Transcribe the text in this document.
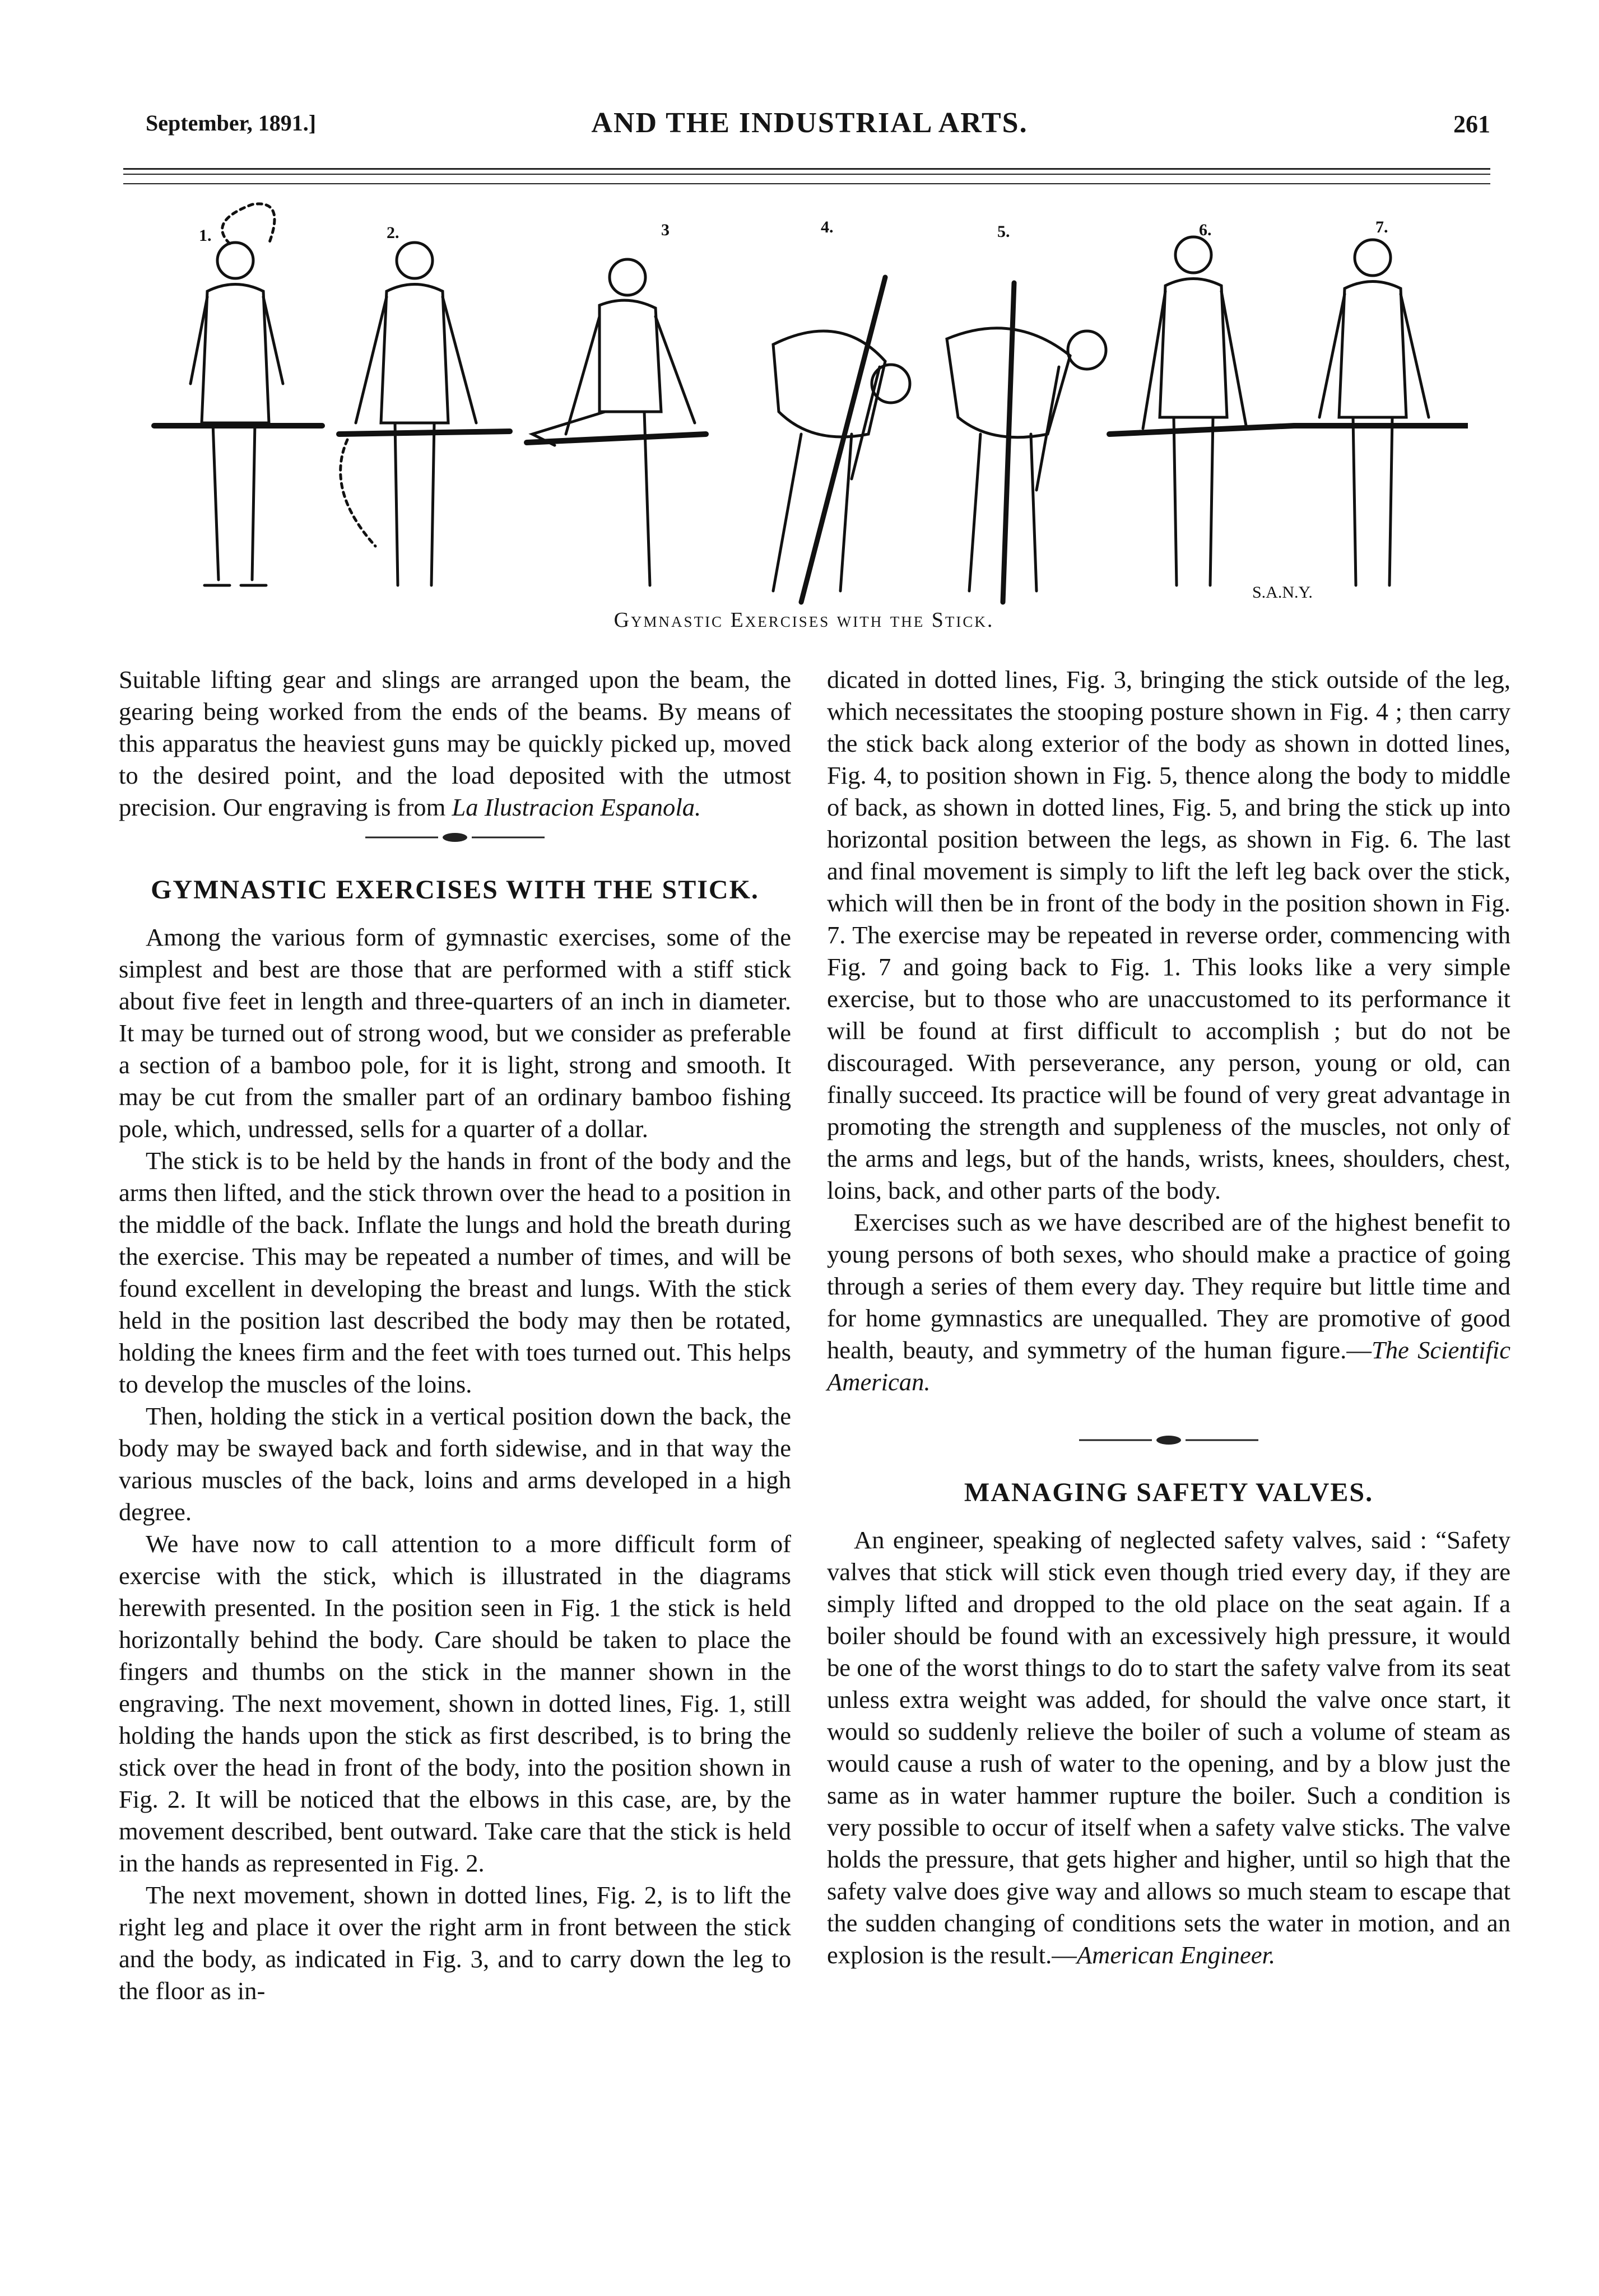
September, 1891.]	AND THE INDUSTRIAL ARTS.	261
1.	2.	3	4.	5.	6.	7.
S.A.N.Y.
Gymnastic Exercises with the Stick.

Suitable lifting gear and slings are arranged upon the beam, the gearing being worked from the ends of the beams. By means of this apparatus the heaviest guns may be quickly picked up, moved to the desired point, and the load deposited with the utmost precision. Our engraving is from La Ilustracion Espanola.

GYMNASTIC EXERCISES WITH THE STICK.

Among the various form of gymnastic exercises, some of the simplest and best are those that are performed with a stiff stick about five feet in length and three-quarters of an inch in diameter. It may be turned out of strong wood, but we consider as preferable a section of a bamboo pole, for it is light, strong and smooth. It may be cut from the smaller part of an ordinary bamboo fishing pole, which, undressed, sells for a quarter of a dollar.

The stick is to be held by the hands in front of the body and the arms then lifted, and the stick thrown over the head to a position in the middle of the back. Inflate the lungs and hold the breath during the exercise. This may be repeated a number of times, and will be found excellent in developing the breast and lungs. With the stick held in the position last described the body may then be rotated, holding the knees firm and the feet with toes turned out. This helps to develop the muscles of the loins.

Then, holding the stick in a vertical position down the back, the body may be swayed back and forth sidewise, and in that way the various muscles of the back, loins and arms developed in a high degree.

We have now to call attention to a more difficult form of exercise with the stick, which is illustrated in the diagrams herewith presented. In the position seen in Fig. 1 the stick is held horizontally behind the body. Care should be taken to place the fingers and thumbs on the stick in the manner shown in the engraving. The next movement, shown in dotted lines, Fig. 1, still holding the hands upon the stick as first described, is to bring the stick over the head in front of the body, into the position shown in Fig. 2. It will be noticed that the elbows in this case, are, by the movement described, bent outward. Take care that the stick is held in the hands as represented in Fig. 2.

The next movement, shown in dotted lines, Fig. 2, is to lift the right leg and place it over the right arm in front between the stick and the body, as indicated in Fig. 3, and to carry down the leg to the floor as in-

dicated in dotted lines, Fig. 3, bringing the stick outside of the leg, which necessitates the stooping posture shown in Fig. 4 ; then carry the stick back along exterior of the body as shown in dotted lines, Fig. 4, to position shown in Fig. 5, thence along the body to middle of back, as shown in dotted lines, Fig. 5, and bring the stick up into horizontal position between the legs, as shown in Fig. 6. The last and final movement is simply to lift the left leg back over the stick, which will then be in front of the body in the position shown in Fig. 7. The exercise may be repeated in reverse order, commencing with Fig. 7 and going back to Fig. 1. This looks like a very simple exercise, but to those who are unaccustomed to its performance it will be found at first difficult to accomplish ; but do not be discouraged. With perseverance, any person, young or old, can finally succeed. Its practice will be found of very great advantage in promoting the strength and suppleness of the muscles, not only of the arms and legs, but of the hands, wrists, knees, shoulders, chest, loins, back, and other parts of the body.

Exercises such as we have described are of the highest benefit to young persons of both sexes, who should make a practice of going through a series of them every day. They require but little time and for home gymnastics are unequalled. They are promotive of good health, beauty, and symmetry of the human figure.—The Scientific American.

MANAGING SAFETY VALVES.

An engineer, speaking of neglected safety valves, said : “Safety valves that stick will stick even though tried every day, if they are simply lifted and dropped to the old place on the seat again. If a boiler should be found with an excessively high pressure, it would be one of the worst things to do to start the safety valve from its seat unless extra weight was added, for should the valve once start, it would so suddenly relieve the boiler of such a volume of steam as would cause a rush of water to the opening, and by a blow just the same as in water hammer rupture the boiler. Such a condition is very possible to occur of itself when a safety valve sticks. The valve holds the pressure, that gets higher and higher, until so high that the safety valve does give way and allows so much steam to escape that the sudden changing of conditions sets the water in motion, and an explosion is the result.—American Engineer.
